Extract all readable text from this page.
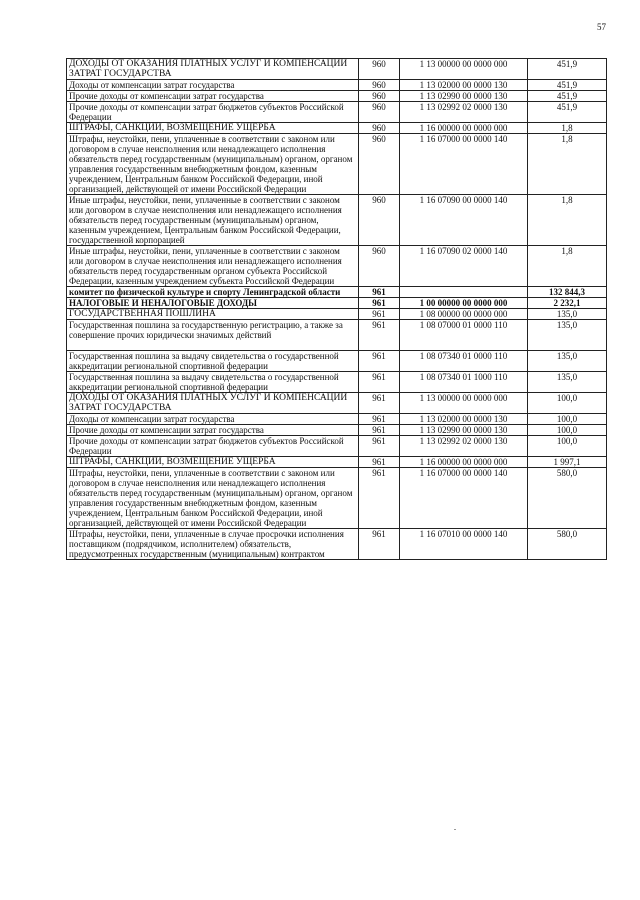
57
ДОХОДЫ ОТ ОКАЗАНИЯ ПЛАТНЫХ УСЛУГ И КОМПЕНСАЦИИ ЗАТРАТ ГОСУДАРСТВА	960	1 13 00000 00 0000 000	451,9
Доходы от компенсации затрат государства	960	1 13 02000 00 0000 130	451,9
Прочие доходы от компенсации затрат государства	960	1 13 02990 00 0000 130	451,9
Прочие доходы от компенсации затрат бюджетов субъектов Российской Федерации	960	1 13 02992 02 0000 130	451,9
ШТРАФЫ, САНКЦИИ, ВОЗМЕЩЕНИЕ УЩЕРБА	960	1 16 00000 00 0000 000	1,8
Штрафы, неустойки, пени, уплаченные в соответствии с законом или договором в случае неисполнения или ненадлежащего исполнения обязательств перед государственным (муниципальным) органом, органом управления государственным внебюджетным фондом, казенным учреждением, Центральным банком Российской Федерации, иной организацией, действующей от имени Российской Федерации	960	1 16 07000 00 0000 140	1,8
Иные штрафы, неустойки, пени, уплаченные в соответствии с законом или договором в случае неисполнения или ненадлежащего исполнения обязательств перед государственным (муниципальным) органом, казенным учреждением, Центральным банком Российской Федерации, государственной корпорацией	960	1 16 07090 00 0000 140	1,8
Иные штрафы, неустойки, пени, уплаченные в соответствии с законом или договором в случае неисполнения или ненадлежащего исполнения обязательств перед государственным органом субъекта Российской Федерации, казенным учреждением субъекта Российской Федерации	960	1 16 07090 02 0000 140	1,8
комитет по физической культуре и спорту Ленинградской области	961		132 844,3
НАЛОГОВЫЕ И НЕНАЛОГОВЫЕ ДОХОДЫ	961	1 00 00000 00 0000 000	2 232,1
ГОСУДАРСТВЕННАЯ ПОШЛИНА	961	1 08 00000 00 0000 000	135,0
Государственная пошлина за государственную регистрацию, а также за совершение прочих юридически значимых действий	961	1 08 07000 01 0000 110	135,0
Государственная пошлина за выдачу свидетельства о государственной аккредитации региональной спортивной федерации	961	1 08 07340 01 0000 110	135,0
Государственная пошлина за выдачу свидетельства о государственной аккредитации региональной спортивной федерации	961	1 08 07340 01 1000 110	135,0
ДОХОДЫ ОТ ОКАЗАНИЯ ПЛАТНЫХ УСЛУГ И КОМПЕНСАЦИИ ЗАТРАТ ГОСУДАРСТВА	961	1 13 00000 00 0000 000	100,0
Доходы от компенсации затрат государства	961	1 13 02000 00 0000 130	100,0
Прочие доходы от компенсации затрат государства	961	1 13 02990 00 0000 130	100,0
Прочие доходы от компенсации затрат бюджетов субъектов Российской Федерации	961	1 13 02992 02 0000 130	100,0
ШТРАФЫ, САНКЦИИ, ВОЗМЕЩЕНИЕ УЩЕРБА	961	1 16 00000 00 0000 000	1 997,1
Штрафы, неустойки, пени, уплаченные в соответствии с законом или договором в случае неисполнения или ненадлежащего исполнения обязательств перед государственным (муниципальным) органом, органом управления государственным внебюджетным фондом, казенным учреждением, Центральным банком Российской Федерации, иной организацией, действующей от имени Российской Федерации	961	1 16 07000 00 0000 140	580,0
Штрафы, неустойки, пени, уплаченные в случае просрочки исполнения поставщиком (подрядчиком, исполнителем) обязательств, предусмотренных государственным (муниципальным) контрактом	961	1 16 07010 00 0000 140	580,0
